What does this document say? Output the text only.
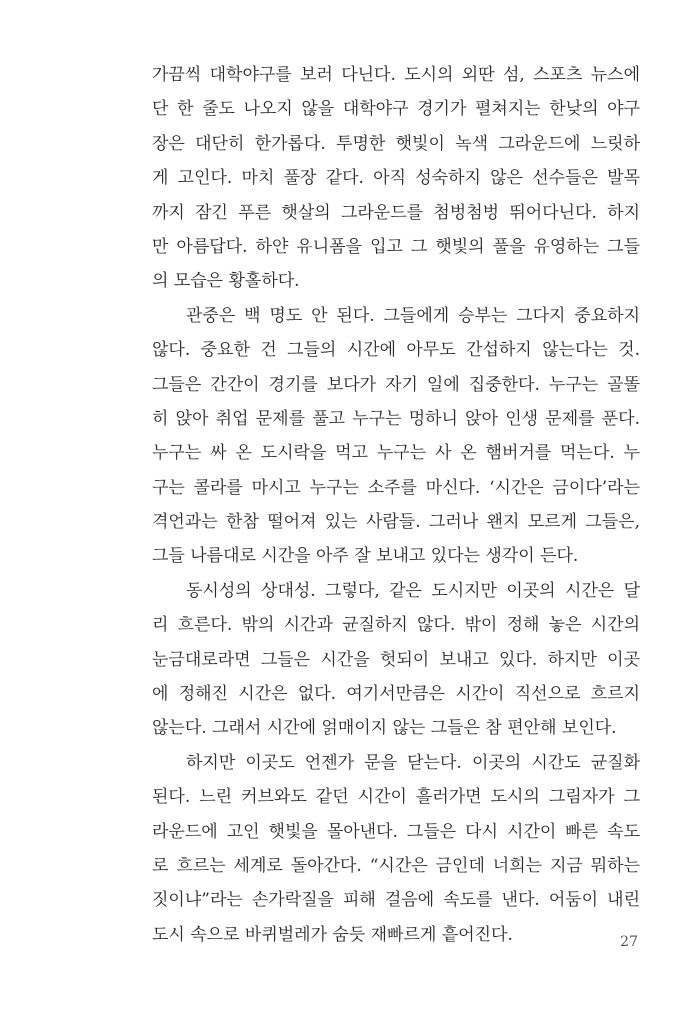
가끔씩 대학야구를 보러 다닌다. 도시의 외딴 섬, 스포츠 뉴스에
단 한 줄도 나오지 않을 대학야구 경기가 펼쳐지는 한낮의 야구
장은 대단히 한가롭다. 투명한 햇빛이 녹색 그라운드에 느릿하
게 고인다. 마치 풀장 같다. 아직 성숙하지 않은 선수들은 발목
까지 잠긴 푸른 햇살의 그라운드를 첨벙첨벙 뛰어다닌다. 하지
만 아름답다. 하얀 유니폼을 입고 그 햇빛의 풀을 유영하는 그들
의 모습은 황홀하다.
관중은 백 명도 안 된다. 그들에게 승부는 그다지 중요하지
않다. 중요한 건 그들의 시간에 아무도 간섭하지 않는다는 것.
그들은 간간이 경기를 보다가 자기 일에 집중한다. 누구는 골똘
히 앉아 취업 문제를 풀고 누구는 멍하니 앉아 인생 문제를 푼다.
누구는 싸 온 도시락을 먹고 누구는 사 온 햄버거를 먹는다. 누
구는 콜라를 마시고 누구는 소주를 마신다. ‘시간은 금이다’라는
격언과는 한참 떨어져 있는 사람들. 그러나 왠지 모르게 그들은,
그들 나름대로 시간을 아주 잘 보내고 있다는 생각이 든다.
동시성의 상대성. 그렇다, 같은 도시지만 이곳의 시간은 달
리 흐른다. 밖의 시간과 균질하지 않다. 밖이 정해 놓은 시간의
눈금대로라면 그들은 시간을 헛되이 보내고 있다. 하지만 이곳
에 정해진 시간은 없다. 여기서만큼은 시간이 직선으로 흐르지
않는다. 그래서 시간에 얽매이지 않는 그들은 참 편안해 보인다.
하지만 이곳도 언젠가 문을 닫는다. 이곳의 시간도 균질화
된다. 느린 커브와도 같던 시간이 흘러가면 도시의 그림자가 그
라운드에 고인 햇빛을 몰아낸다. 그들은 다시 시간이 빠른 속도
로 흐르는 세계로 돌아간다. “시간은 금인데 너희는 지금 뭐하는
짓이냐”라는 손가락질을 피해 걸음에 속도를 낸다. 어둠이 내린
도시 속으로 바퀴벌레가 숨듯 재빠르게 흩어진다.	27
